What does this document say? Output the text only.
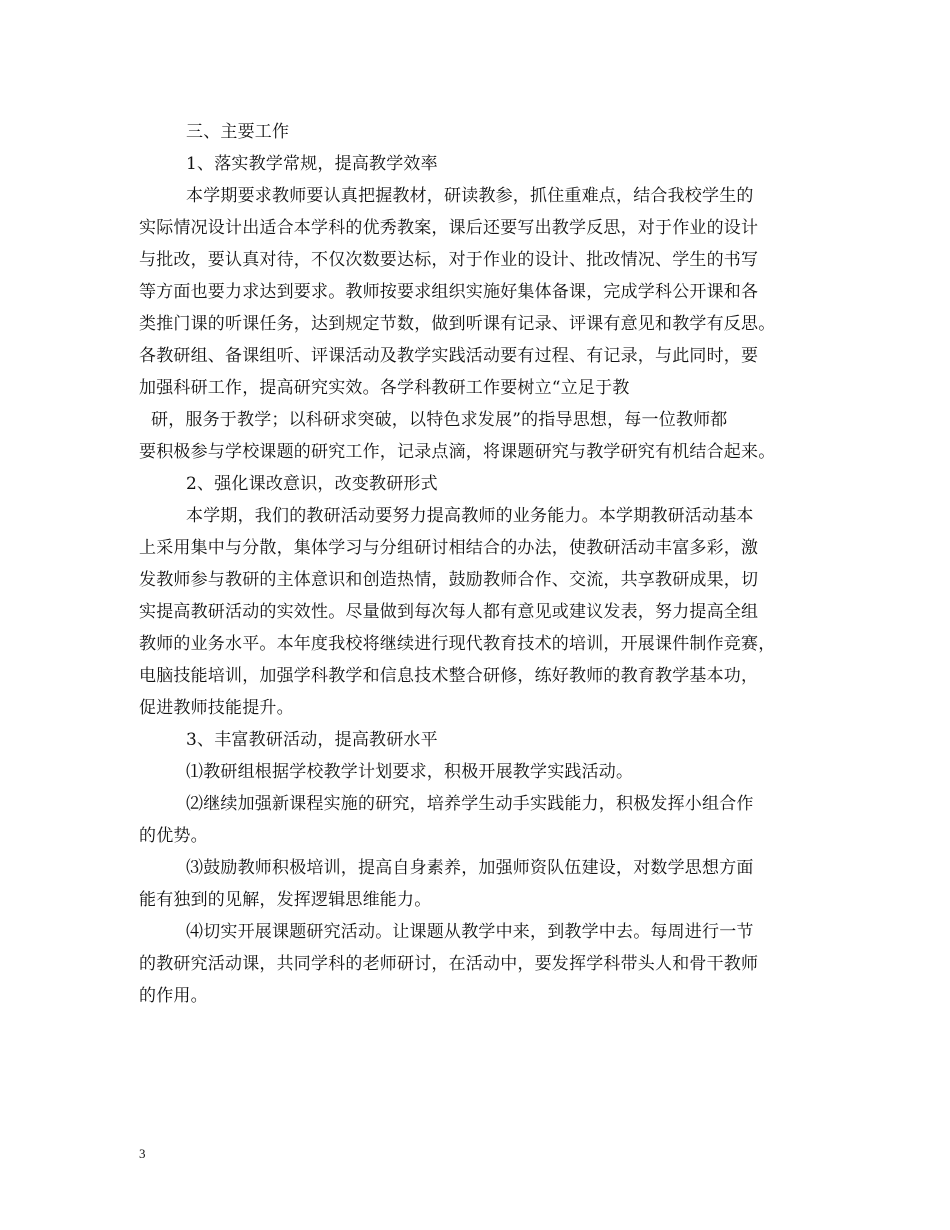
三、主要工作
1、落实教学常规，提高教学效率
本学期要求教师要认真把握教材，研读教参，抓住重难点，结合我校学生的
实际情况设计出适合本学科的优秀教案，课后还要写出教学反思，对于作业的设计
与批改，要认真对待，不仅次数要达标，对于作业的设计、批改情况、学生的书写
等方面也要力求达到要求。教师按要求组织实施好集体备课，完成学科公开课和各
类推门课的听课任务，达到规定节数，做到听课有记录、评课有意见和教学有反思。
各教研组、备课组听、评课活动及教学实践活动要有过程、有记录，与此同时，要
加强科研工作，提高研究实效。各学科教研工作要树立“立足于教
研，服务于教学；以科研求突破，以特色求发展”的指导思想，每一位教师都
要积极参与学校课题的研究工作，记录点滴，将课题研究与教学研究有机结合起来。
2、强化课改意识，改变教研形式
本学期，我们的教研活动要努力提高教师的业务能力。本学期教研活动基本
上采用集中与分散，集体学习与分组研讨相结合的办法，使教研活动丰富多彩，激
发教师参与教研的主体意识和创造热情，鼓励教师合作、交流，共享教研成果，切
实提高教研活动的实效性。尽量做到每次每人都有意见或建议发表，努力提高全组
教师的业务水平。本年度我校将继续进行现代教育技术的培训，开展课件制作竞赛，
电脑技能培训，加强学科教学和信息技术整合研修，练好教师的教育教学基本功，
促进教师技能提升。
3、丰富教研活动，提高教研水平
⑴教研组根据学校教学计划要求，积极开展教学实践活动。
⑵继续加强新课程实施的研究，培养学生动手实践能力，积极发挥小组合作
的优势。
⑶鼓励教师积极培训，提高自身素养，加强师资队伍建设，对数学思想方面
能有独到的见解，发挥逻辑思维能力。
⑷切实开展课题研究活动。让课题从教学中来，到教学中去。每周进行一节
的教研究活动课，共同学科的老师研讨，在活动中，要发挥学科带头人和骨干教师
的作用。
3
